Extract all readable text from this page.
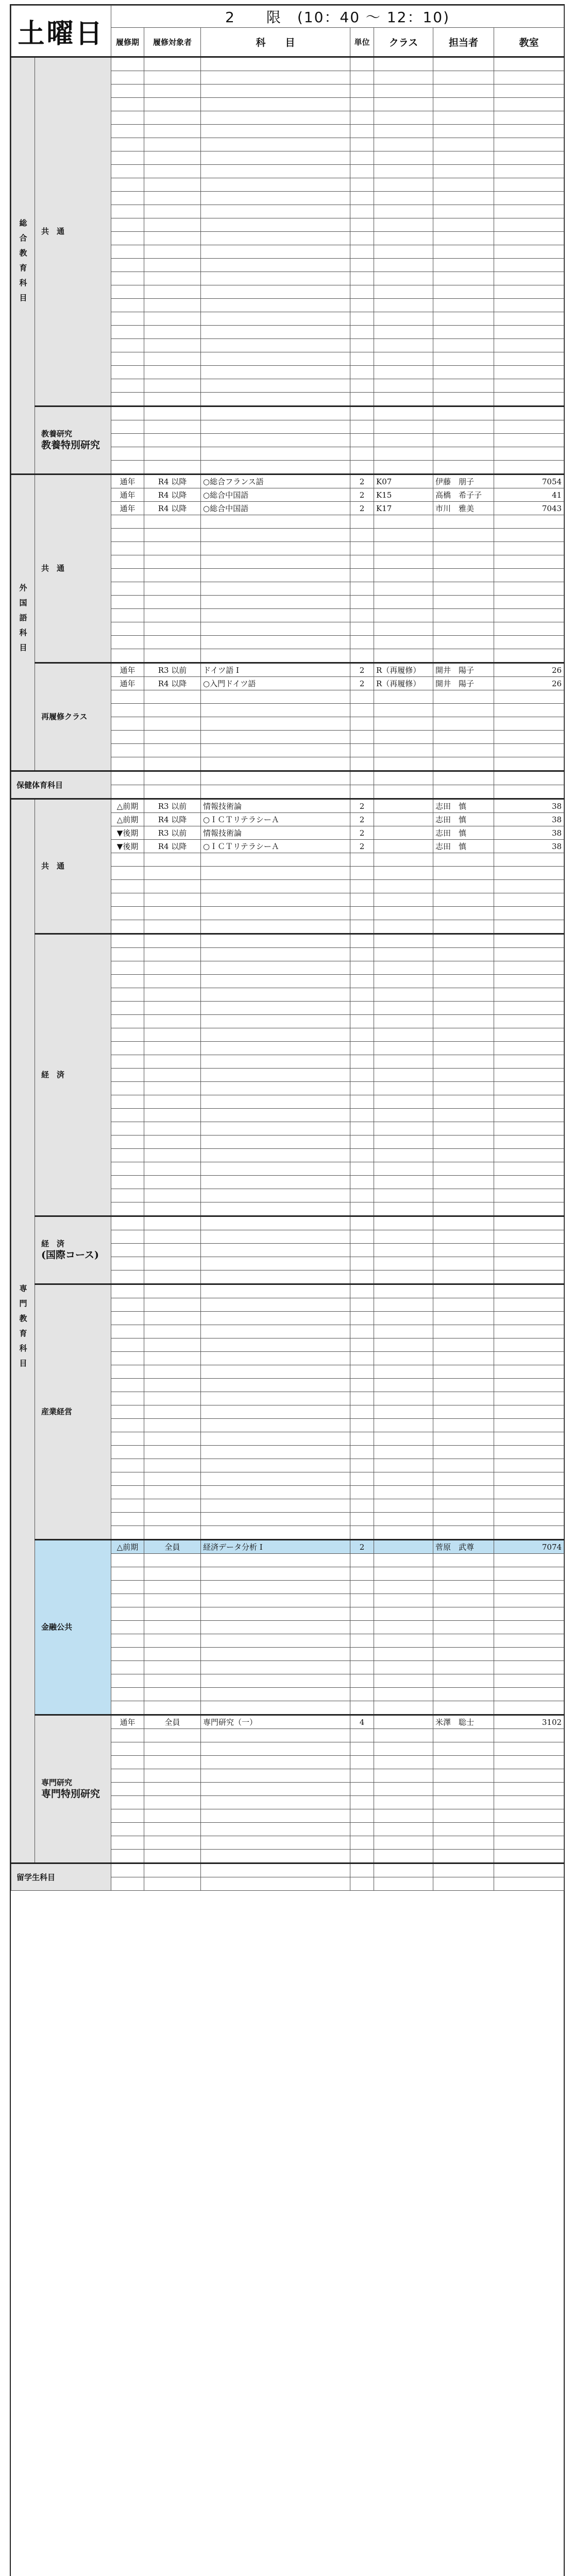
土曜日		2　　限　(10：40 ～ 12：10)						
		履修期	履修対象者	科　　目	単位	クラス	担当者	教室
総合教育科目	共　通							

	教養研究
教養特別研究							

外国語科目	共　通	通年	R4 以降	○総合フランス語	2	K07	伊藤　朋子	7054
		通年	R4 以降	○総合中国語	2	K15	高橋　希子子	41
		通年	R4 以降	○総合中国語	2	K17	市川　雅美	7043

	再履修クラス	通年	R3 以前	ドイツ語 I	2	R（再履修）	開井　陽子	26
		通年	R4 以降	○入門ドイツ語	2	R（再履修）	開井　陽子	26

保健体育科目								

専門教育科目	共　通	△前期	R3 以前	情報技術論	2		志田　慎	38
		△前期	R4 以降	○ＩＣＴリテラシーＡ	2		志田　慎	38
		▼後期	R3 以前	情報技術論	2		志田　慎	38
		▼後期	R4 以降	○ＩＣＴリテラシーＡ	2		志田　慎	38

	経　済							

	経　済
(国際コース)							

	産業経営							

	金融公共	△前期	全員	経済データ分析 I	2		菅原　武尊	7074

	専門研究
専門特別研究	通年	全員	専門研究（一）	4		米澤　聡士	3102

留学生科目								
